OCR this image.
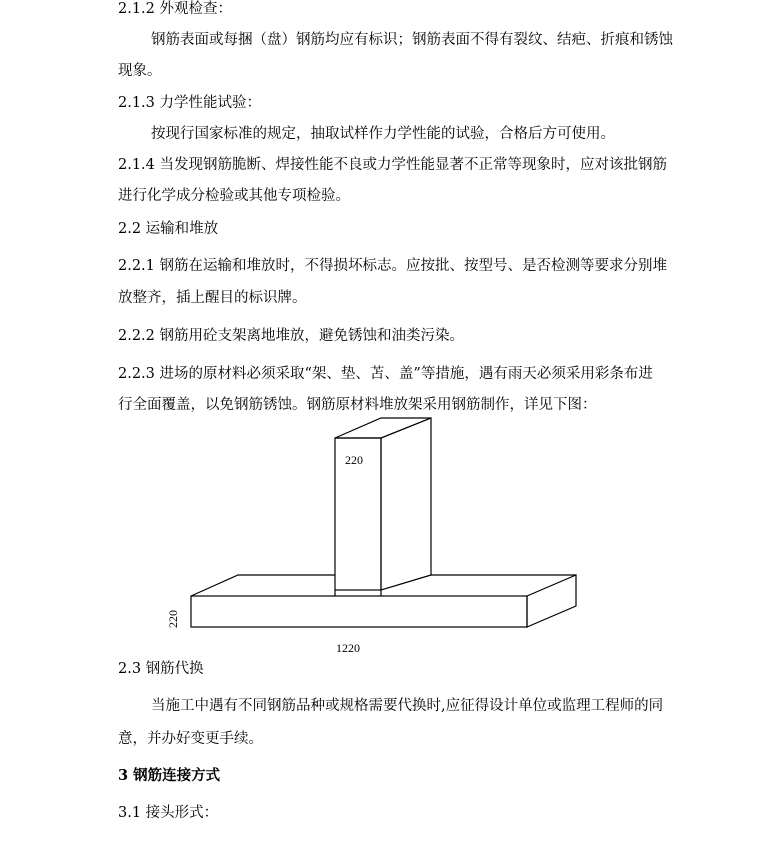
2.1.2 外观检查：
钢筋表面或每捆（盘）钢筋均应有标识；钢筋表面不得有裂纹、结疤、折痕和锈蚀
现象。
2.1.3 力学性能试验：
按现行国家标准的规定，抽取试样作力学性能的试验，合格后方可使用。
2.1.4 当发现钢筋脆断、焊接性能不良或力学性能显著不正常等现象时，应对该批钢筋
进行化学成分检验或其他专项检验。
2.2 运输和堆放
2.2.1 钢筋在运输和堆放时，不得损坏标志。应按批、按型号、是否检测等要求分别堆
放整齐，插上醒目的标识牌。
2.2.2 钢筋用砼支架离地堆放，避免锈蚀和油类污染。
2.2.3 进场的原材料必须采取“架、垫、苫、盖”等措施，遇有雨天必须采用彩条布进
行全面覆盖，以免钢筋锈蚀。钢筋原材料堆放架采用钢筋制作，详见下图：
220
220
1220
2.3 钢筋代换
当施工中遇有不同钢筋品种或规格需要代换时,应征得设计单位或监理工程师的同
意，并办好变更手续。
3 钢筋连接方式
3.1 接头形式：
